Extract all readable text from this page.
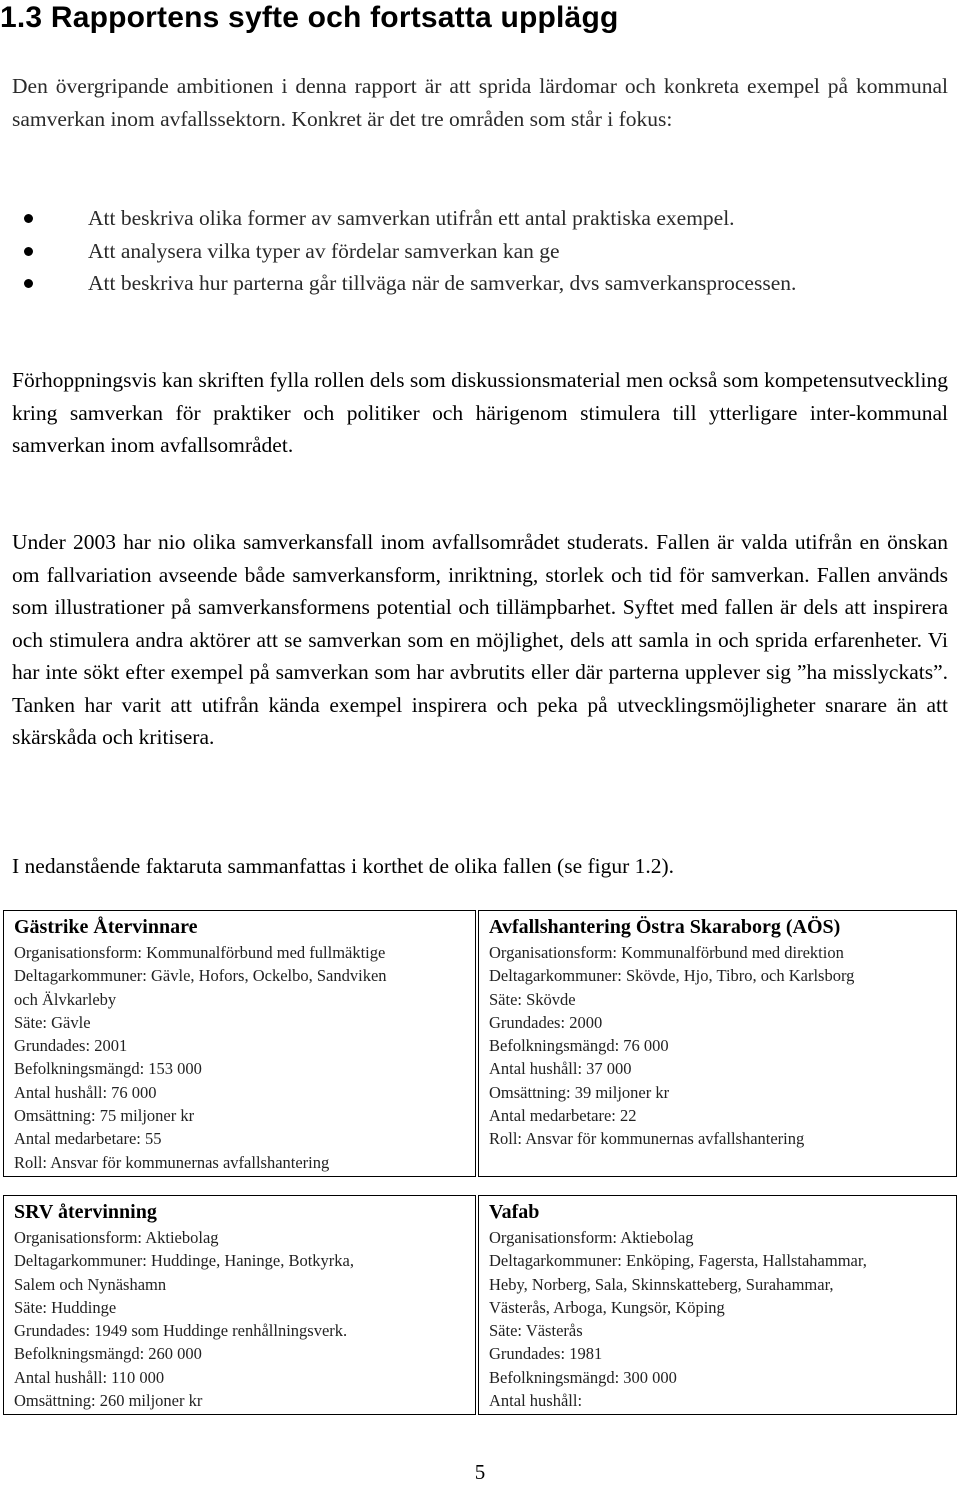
1.3 Rapportens syfte och fortsatta upplägg

Den övergripande ambitionen i denna rapport är att sprida lärdomar och konkreta exempel på kommunal samverkan inom avfallssektorn. Konkret är det tre områden som står i fokus:

Att beskriva olika former av samverkan utifrån ett antal praktiska exempel.
Att analysera vilka typer av fördelar samverkan kan ge
Att beskriva hur parterna går tillväga när de samverkar, dvs samverkansprocessen.

Förhoppningsvis kan skriften fylla rollen dels som diskussionsmaterial men också som kompetensutveckling kring samverkan för praktiker och politiker och härigenom stimulera till ytterligare inter-kommunal samverkan inom avfallsområdet.

Under 2003 har nio olika samverkansfall inom avfallsområdet studerats. Fallen är valda utifrån en önskan om fallvariation avseende både samverkansform, inriktning, storlek och tid för samverkan. Fallen används som illustrationer på samverkansformens potential och tillämpbarhet. Syftet med fallen är dels att inspirera och stimulera andra aktörer att se samverkan som en möjlighet, dels att samla in och sprida erfarenheter. Vi har inte sökt efter exempel på samverkan som har avbrutits eller där parterna upplever sig ”ha misslyckats”. Tanken har varit att utifrån kända exempel inspirera och peka på utvecklingsmöjligheter snarare än att skärskåda och kritisera.

I nedanstående faktaruta sammanfattas i korthet de olika fallen (se figur 1.2).

Gästrike Återvinnare
Organisationsform: Kommunalförbund med fullmäktige
Deltagarkommuner: Gävle, Hofors, Ockelbo, Sandviken
och Älvkarleby
Säte: Gävle
Grundades: 2001
Befolkningsmängd: 153 000
Antal hushåll: 76 000
Omsättning: 75 miljoner kr
Antal medarbetare: 55
Roll: Ansvar för kommunernas avfallshantering
Avfallshantering Östra Skaraborg (AÖS)
Organisationsform: Kommunalförbund med direktion
Deltagarkommuner: Skövde, Hjo, Tibro, och Karlsborg
Säte: Skövde
Grundades: 2000
Befolkningsmängd: 76 000
Antal hushåll: 37 000
Omsättning: 39 miljoner kr
Antal medarbetare: 22
Roll: Ansvar för kommunernas avfallshantering
SRV återvinning
Organisationsform: Aktiebolag
Deltagarkommuner: Huddinge, Haninge, Botkyrka,
Salem och Nynäshamn
Säte: Huddinge
Grundades: 1949 som Huddinge renhållningsverk.
Befolkningsmängd: 260 000
Antal hushåll: 110 000
Omsättning: 260 miljoner kr
Vafab
Organisationsform: Aktiebolag
Deltagarkommuner: Enköping, Fagersta, Hallstahammar,
Heby, Norberg, Sala, Skinnskatteberg, Surahammar,
Västerås, Arboga, Kungsör, Köping
Säte: Västerås
Grundades: 1981
Befolkningsmängd: 300 000
Antal hushåll:
5
